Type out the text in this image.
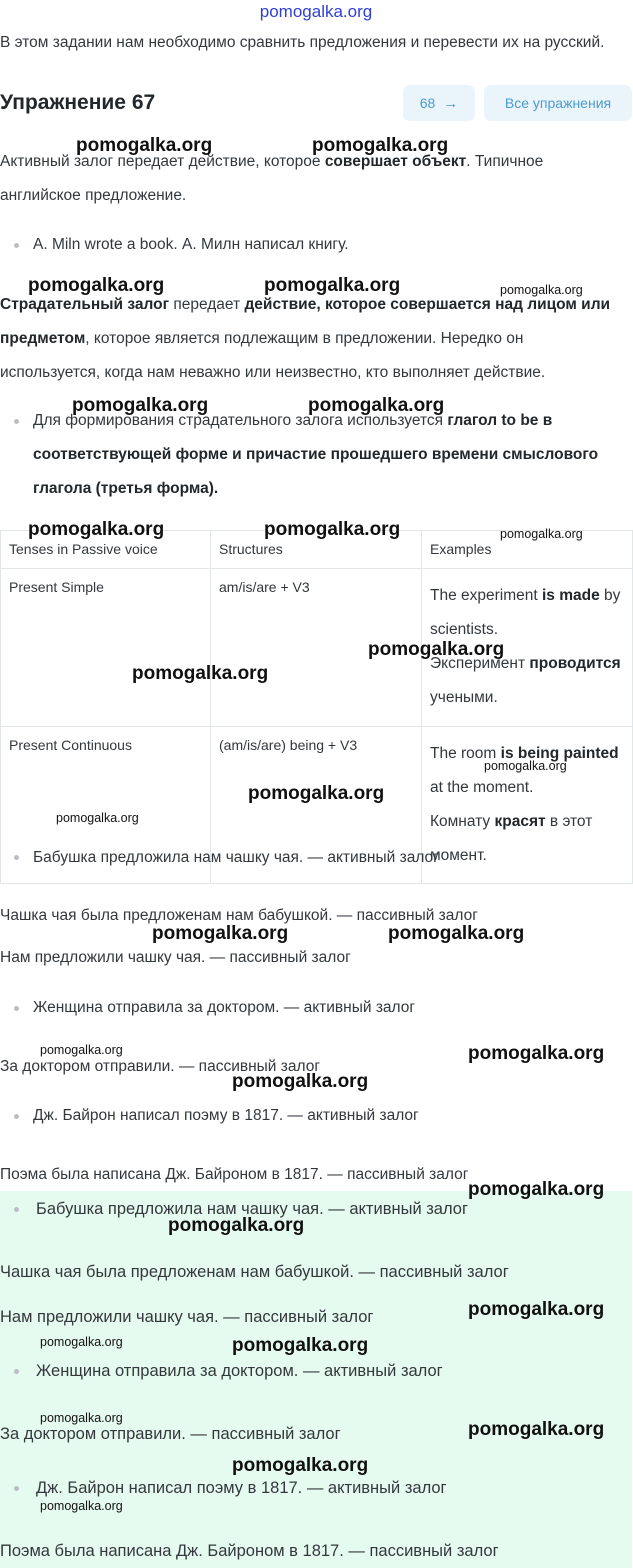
pomogalka.org
В этом задании нам необходимо сравнить предложения и перевести их на русский.
Упражнение 67	68 →	Все упражнения
Активный залог передает действие, которое совершает объект. Типичное английское предложение.
A. Miln wrote a book. А. Милн написал книгу.
Страдательный залог передает действие, которое совершается над лицом или предметом, которое является подлежащим в предложении. Нередко он используется, когда нам неважно или неизвестно, кто выполняет действие.
Для формирования страдательного залога используется глагол to be в соответствующей форме и причастие прошедшего времени смыслового глагола (третья форма).
Tenses in Passive voice	Structures	Examples
Present Simple	am/is/are + V3	The experiment is made by scientists.
Эксперимент проводится учеными.

Present Continuous	(am/is/are) being + V3	The room is being painted at the moment.
Комнату красят в этот момент.
Бабушка предложила нам чашку чая. — активный залог
Чашка чая была предложенам нам бабушкой. — пассивный залог
Нам предложили чашку чая. — пассивный залог
Женщина отправила за доктором. — активный залог
За доктором отправили. — пассивный залог
Дж. Байрон написал поэму в 1817. — активный залог
Поэма была написана Дж. Байроном в 1817. — пассивный залог
Бабушка предложила нам чашку чая. — активный залог
Чашка чая была предложенам нам бабушкой. — пассивный залог
Нам предложили чашку чая. — пассивный залог
Женщина отправила за доктором. — активный залог
За доктором отправили. — пассивный залог
Дж. Байрон написал поэму в 1817. — активный залог
Поэма была написана Дж. Байроном в 1817. — пассивный залог
pomogalka.org	pomogalka.org
pomogalka.org	pomogalka.org	pomogalka.org
pomogalka.org	pomogalka.org
pomogalka.org	pomogalka.org	pomogalka.org
pomogalka.org
pomogalka.org
pomogalka.org
pomogalka.org
pomogalka.org
pomogalka.org	pomogalka.org
pomogalka.org	pomogalka.org
pomogalka.org
pomogalka.org
pomogalka.org
pomogalka.org
pomogalka.org	pomogalka.org
pomogalka.org
pomogalka.org
pomogalka.org
pomogalka.org
